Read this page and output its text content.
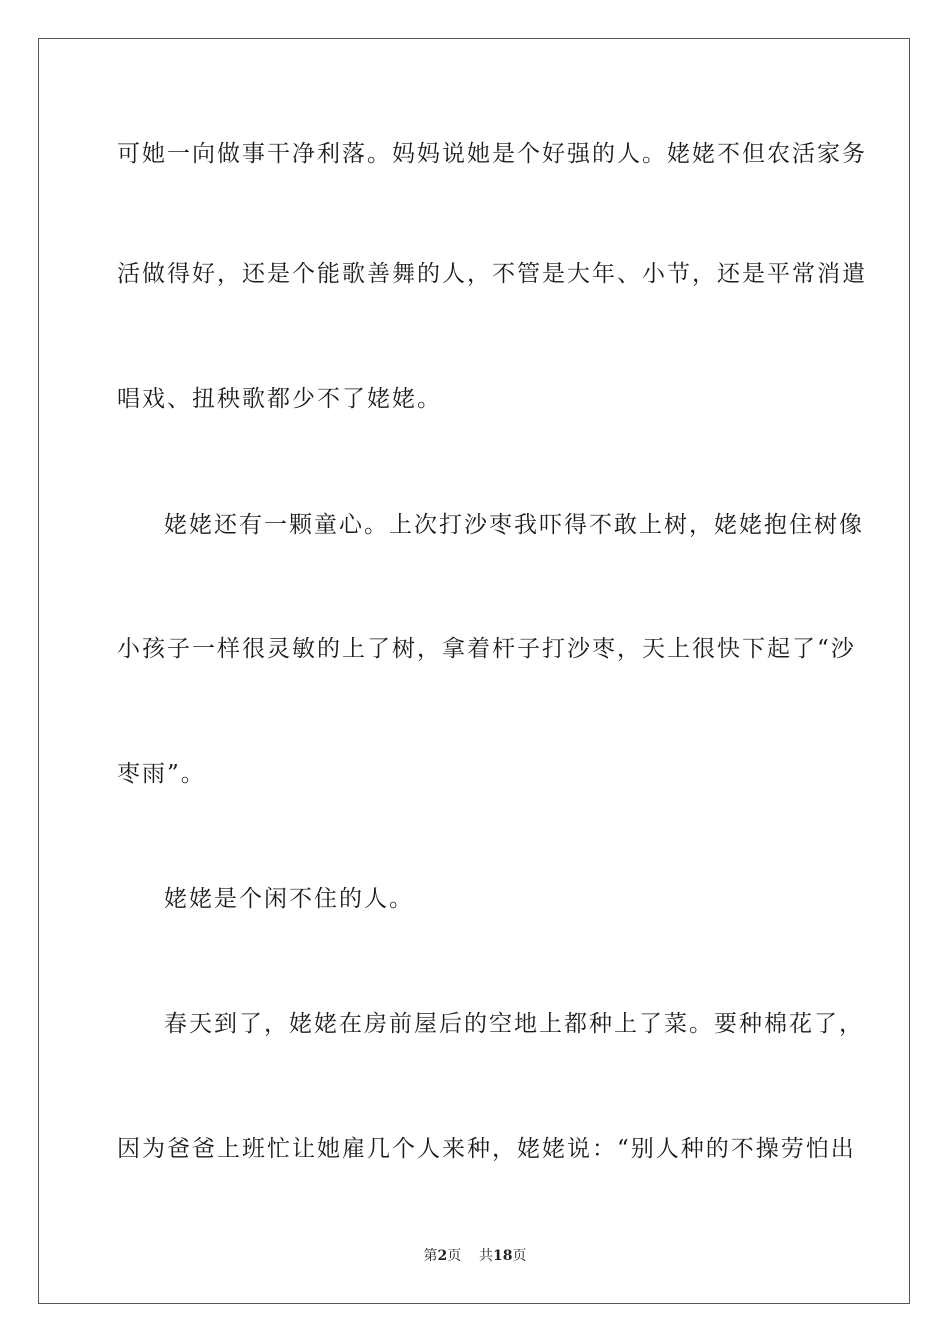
可她一向做事干净利落。妈妈说她是个好强的人。姥姥不但农活家务
活做得好，还是个能歌善舞的人，不管是大年、小节，还是平常消遣
唱戏、扭秧歌都少不了姥姥。
姥姥还有一颗童心。上次打沙枣我吓得不敢上树，姥姥抱住树像
小孩子一样很灵敏的上了树，拿着杆子打沙枣，天上很快下起了“沙
枣雨”。
姥姥是个闲不住的人。
春天到了，姥姥在房前屋后的空地上都种上了菜。要种棉花了，
因为爸爸上班忙让她雇几个人来种，姥姥说：“别人种的不操劳怕出
第2页 共18页
